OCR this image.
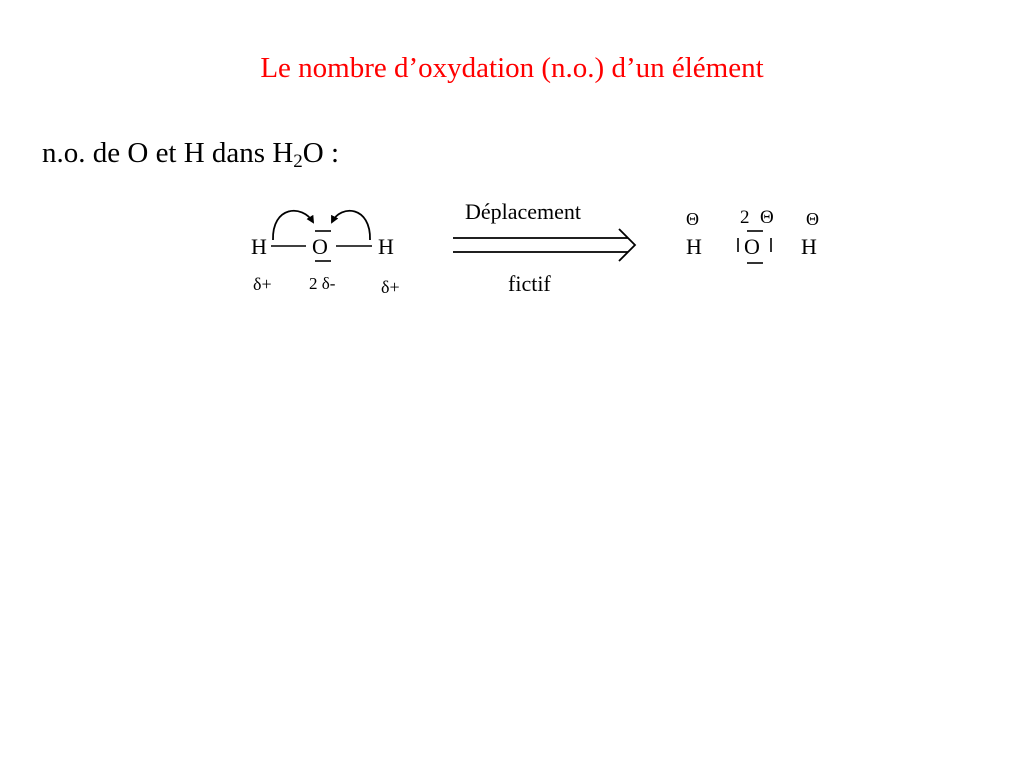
Le nombre d’oxydation (n.o.) d’un élément
n.o. de O et H dans $H_2O$ :
H O H
δ+ 2 δ-	δ+
Déplacement
fictif
Θ 2 Θ Θ
H O H
